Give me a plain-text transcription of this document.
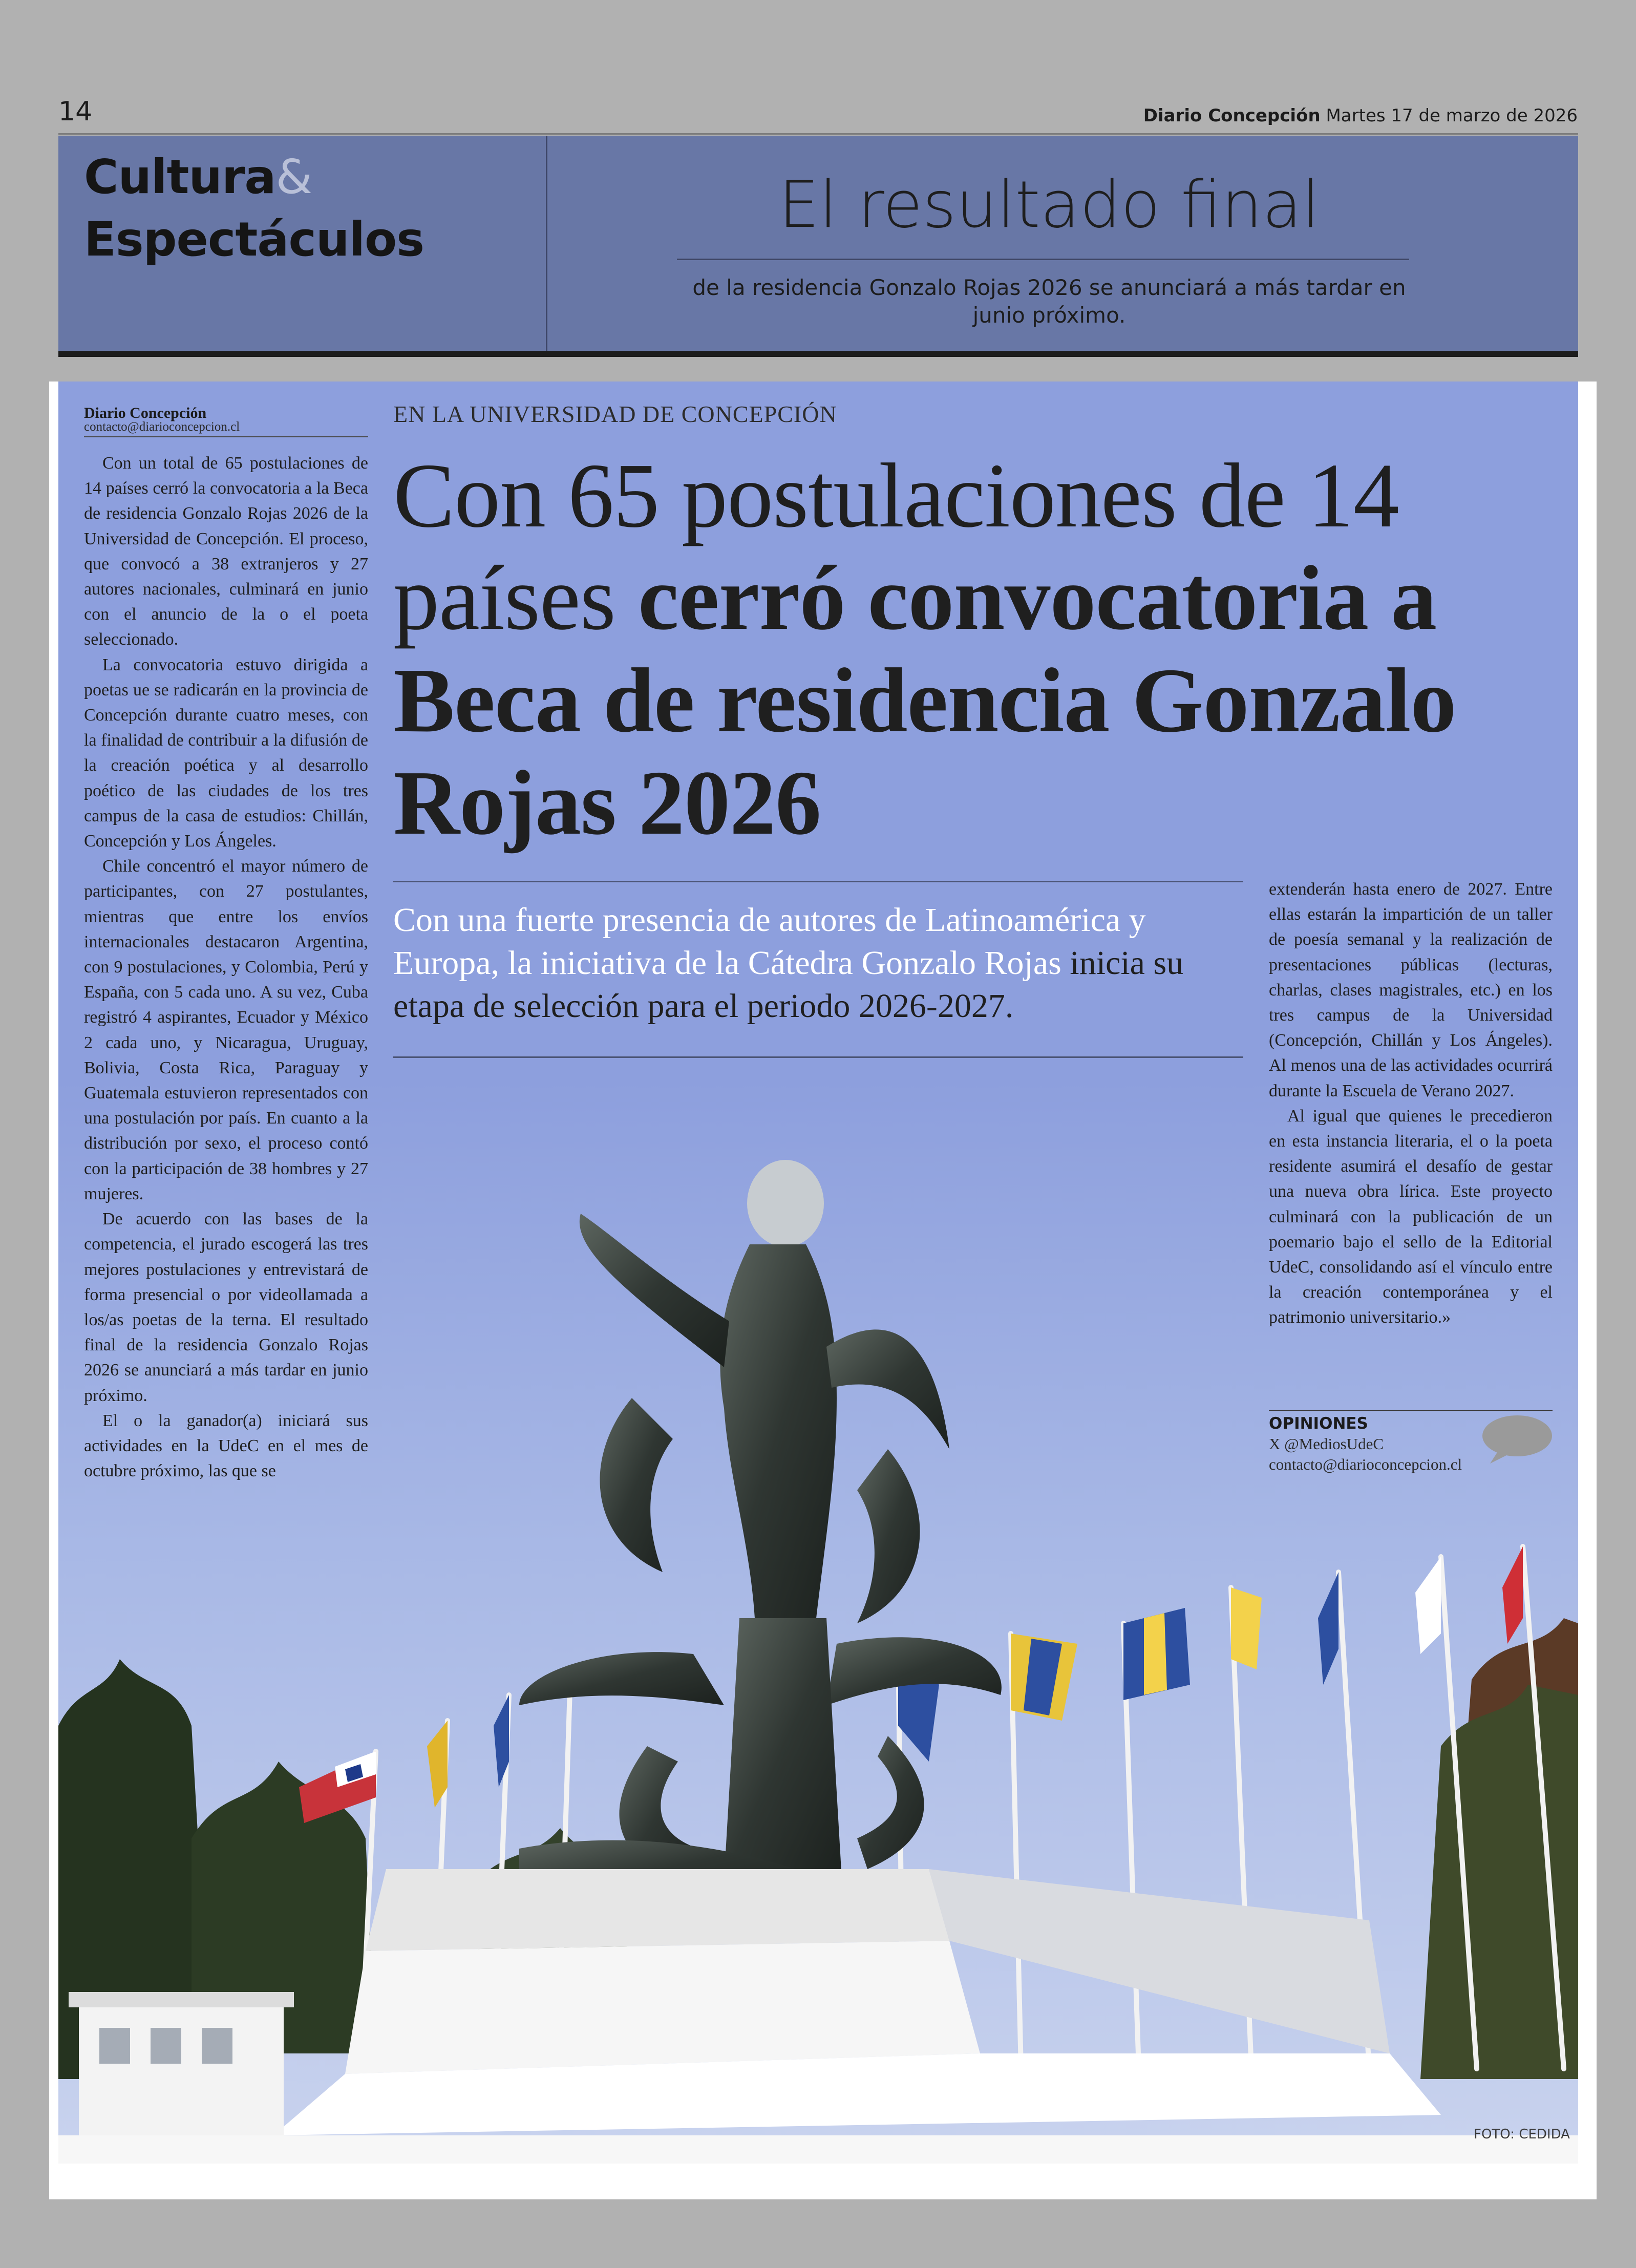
14	Diario Concepción Martes 17 de marzo de 2026
Cultura&
Espectáculos	El resultado final
de la residencia Gonzalo Rojas 2026 se anunciará a más tardar en junio próximo.
Diario Concepción
contacto@diarioconcepcion.cl

Con un total de 65 postulaciones de 14 países cerró la convocatoria a la Beca de residencia Gonzalo Rojas 2026 de la Universidad de Concepción. El proceso, que convocó a 38 extranjeros y 27 autores nacionales, culminará en junio con el anuncio de la o el poeta seleccionado.

La convocatoria estuvo dirigida a poetas ue se radicarán en la provincia de Concepción durante cuatro meses, con la finalidad de contribuir a la difusión de la creación poética y al desarrollo poético de las ciudades de los tres campus de la casa de estudios: Chillán, Concepción y Los Ángeles.

Chile concentró el mayor número de participantes, con 27 postulantes, mientras que entre los envíos internacionales destacaron Argentina, con 9 postulaciones, y Colombia, Perú y España, con 5 cada uno. A su vez, Cuba registró 4 aspirantes, Ecuador y México 2 cada uno, y Nicaragua, Uruguay, Bolivia, Costa Rica, Paraguay y Guatemala estuvieron representados con una postulación por país. En cuanto a la distribución por sexo, el proceso contó con la participación de 38 hombres y 27 mujeres.

De acuerdo con las bases de la competencia, el jurado escogerá las tres mejores postulaciones y entrevistará de forma presencial o por videollamada a los/as poetas de la terna. El resultado final de la residencia Gonzalo Rojas 2026 se anunciará a más tardar en junio próximo.

El o la ganador(a) iniciará sus actividades en la UdeC en el mes de octubre próximo, las que se

EN LA UNIVERSIDAD DE CONCEPCIÓN
Con 65 postulaciones de 14 países cerró convocatoria a Beca de residencia Gonzalo Rojas 2026
Con una fuerte presencia de autores de Latinoamérica y Europa, la iniciativa de la Cátedra Gonzalo Rojas inicia su etapa de selección para el periodo 2026-2027.

extenderán hasta enero de 2027. Entre ellas estarán la impartición de un taller de poesía semanal y la realización de presentaciones públicas (lecturas, charlas, clases magistrales, etc.) en los tres campus de la Universidad (Concepción, Chillán y Los Ángeles). Al menos una de las actividades ocurrirá durante la Escuela de Verano 2027.

Al igual que quienes le precedieron en esta instancia literaria, el o la poeta residente asumirá el desafío de gestar una nueva obra lírica. Este proyecto culminará con la publicación de un poemario bajo el sello de la Editorial UdeC, consolidando así el vínculo entre la creación contemporánea y el patrimonio universitario.»

OPINIONES
X @MediosUdeC
contacto@diarioconcepcion.cl
FOTO: CEDIDA
